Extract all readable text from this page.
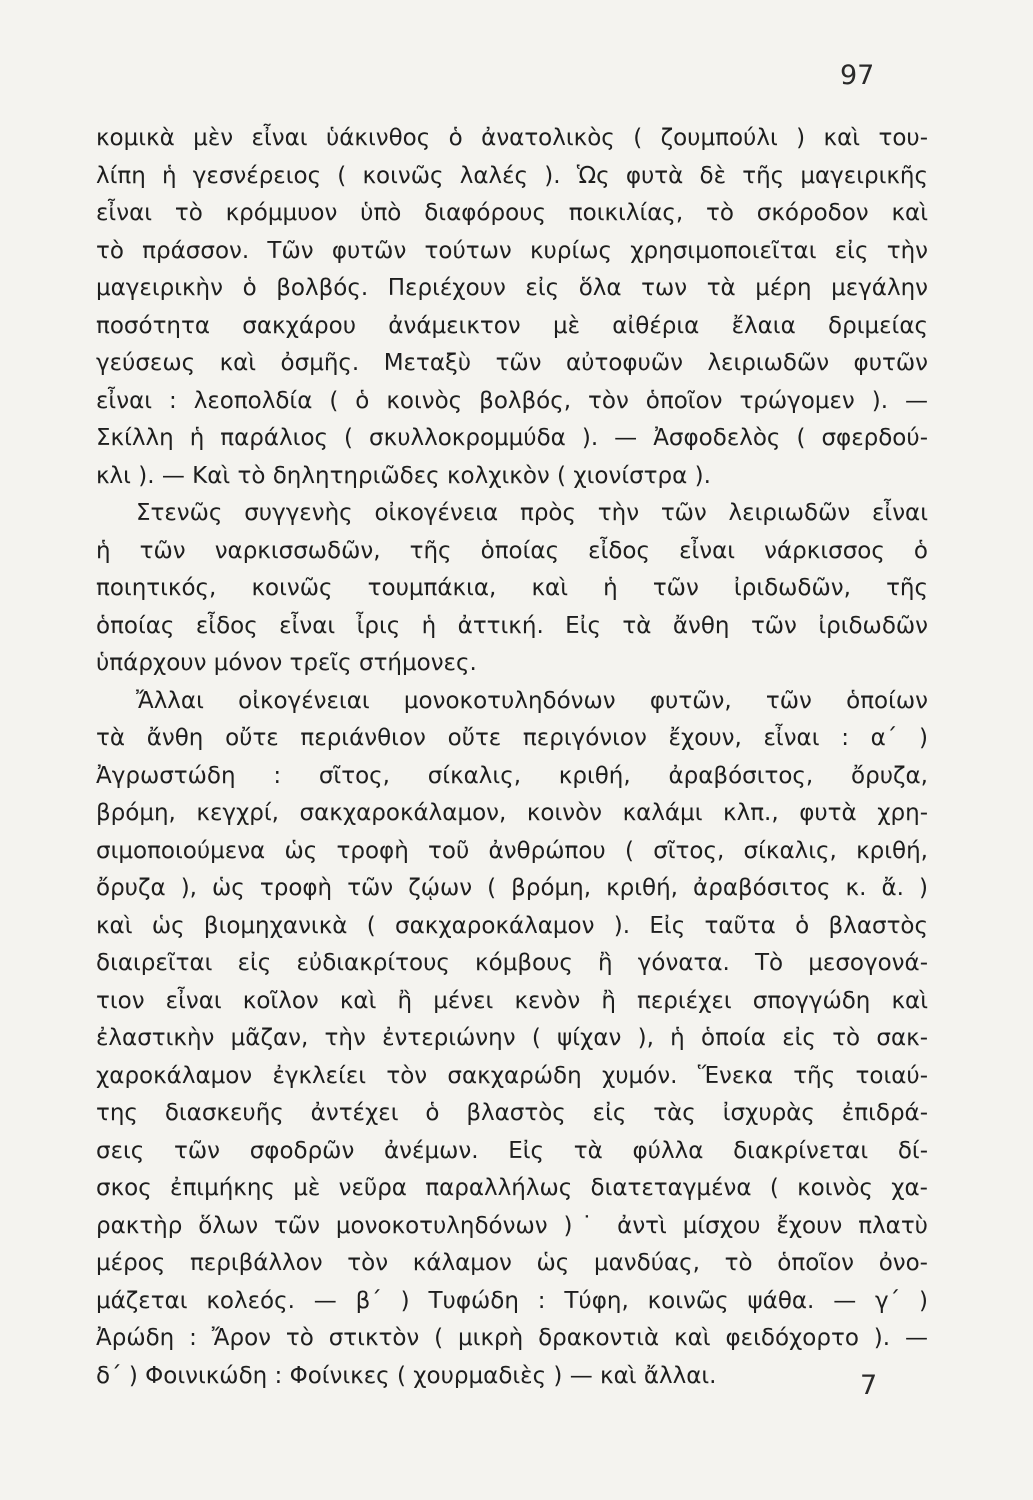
97
κομικὰ μὲν εἶναι ὑάκινθος ὁ ἀνατολικὸς ( ζουμπούλι ) καὶ του-
λίπη ἡ γεσνέρειος ( κοινῶς λαλές ). Ὡς φυτὰ δὲ τῆς μαγειρικῆς
εἶναι τὸ κρόμμυον ὑπὸ διαφόρους ποικιλίας, τὸ σκόροδον καὶ
τὸ πράσσον. Τῶν φυτῶν τούτων κυρίως χρησιμοποιεῖται εἰς τὴν
μαγειρικὴν ὁ βολβός. Περιέχουν εἰς ὅλα των τὰ μέρη μεγάλην
ποσότητα σακχάρου ἀνάμεικτον μὲ αἰθέρια ἔλαια δριμείας
γεύσεως καὶ ὀσμῆς. Μεταξὺ τῶν αὐτοφυῶν λειριωδῶν φυτῶν
εἶναι : λεοπολδία ( ὁ κοινὸς βολβός, τὸν ὁποῖον τρώγομεν ). —
Σκίλλη ἡ παράλιος ( σκυλλοκρομμύδα ). — Ἀσφοδελὸς ( σφερδού-
κλι ). — Καὶ τὸ δηλητηριῶδες κολχικὸν ( χιονίστρα ).
Στενῶς συγγενὴς οἰκογένεια πρὸς τὴν τῶν λειριωδῶν εἶναι
ἡ τῶν ναρκισσωδῶν, τῆς ὁποίας εἶδος εἶναι νάρκισσος ὁ
ποιητικός, κοινῶς τουμπάκια, καὶ ἡ τῶν ἰριδωδῶν, τῆς
ὁποίας εἶδος εἶναι ἶρις ἡ ἀττική. Εἰς τὰ ἄνθη τῶν ἰριδωδῶν
ὑπάρχουν μόνον τρεῖς στήμονες.
Ἄλλαι οἰκογένειαι μονοκοτυληδόνων φυτῶν, τῶν ὁποίων
τὰ ἄνθη οὔτε περιάνθιον οὔτε περιγόνιον ἔχουν, εἶναι : α΄ )
Ἀγρωστώδη : σῖτος, σίκαλις, κριθή, ἀραβόσιτος, ὄρυζα,
βρόμη, κεγχρί, σακχαροκάλαμον, κοινὸν καλάμι κλπ., φυτὰ χρη-
σιμοποιούμενα ὡς τροφὴ τοῦ ἀνθρώπου ( σῖτος, σίκαλις, κριθή,
ὄρυζα ), ὡς τροφὴ τῶν ζῴων ( βρόμη, κριθή, ἀραβόσιτος κ. ἄ. )
καὶ ὡς βιομηχανικὰ ( σακχαροκάλαμον ). Εἰς ταῦτα ὁ βλαστὸς
διαιρεῖται εἰς εὐδιακρίτους κόμβους ἢ γόνατα. Τὸ μεσογονά-
τιον εἶναι κοῖλον καὶ ἢ μένει κενὸν ἢ περιέχει σπογγώδη καὶ
ἐλαστικὴν μᾶζαν, τὴν ἐντεριώνην ( ψίχαν ), ἡ ὁποία εἰς τὸ σακ-
χαροκάλαμον ἐγκλείει τὸν σακχαρώδη χυμόν. Ἕνεκα τῆς τοιαύ-
της διασκευῆς ἀντέχει ὁ βλαστὸς εἰς τὰς ἰσχυρὰς ἐπιδρά-
σεις τῶν σφοδρῶν ἀνέμων. Εἰς τὰ φύλλα διακρίνεται δί-
σκος ἐπιμήκης μὲ νεῦρα παραλλήλως διατεταγμένα ( κοινὸς χα-
ρακτὴρ ὅλων τῶν μονοκοτυληδόνων )˙ ἀντὶ μίσχου ἔχουν πλατὺ
μέρος περιβάλλον τὸν κάλαμον ὡς μανδύας, τὸ ὁποῖον ὀνο-
μάζεται κολεός. — β΄ ) Τυφώδη : Τύφη, κοινῶς ψάθα. — γ΄ )
Ἀρώδη : Ἄρον τὸ στικτὸν ( μικρὴ δρακοντιὰ καὶ φειδόχορτο ). —
δ΄ ) Φοινικώδη : Φοίνικες ( χουρμαδιὲς ) — καὶ ἄλλαι.	7
